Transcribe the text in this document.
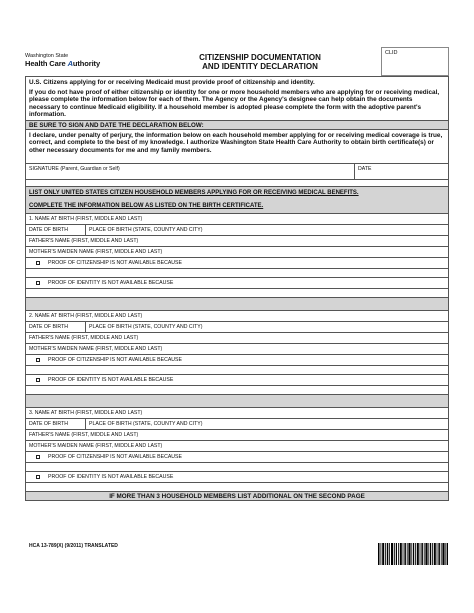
Washington State
Health Care Authority
CITIZENSHIP DOCUMENTATION
AND IDENTITY DECLARATION
CLID

U.S. Citizens applying for or receiving Medicaid must provide proof of citizenship and identity.

If you do not have proof of either citizenship or identity for one or more household members who are applying for or receiving medical, please complete the information below for each of them. The Agency or the Agency's designee can help obtain the documents necessary to continue Medicaid eligibility. If a household member is adopted please complete the form with the adoptive parent's information.

BE SURE TO SIGN AND DATE THE DECLARATION BELOW:
I declare, under penalty of perjury, the information below on each household member applying for or receiving medical coverage is true, correct, and complete to the best of my knowledge. I authorize Washington State Health Care Authority to obtain birth certificate(s) or other necessary documents for me and my family members.
SIGNATURE (Parent, Guardian or Self)	DATE
LIST ONLY UNITED STATES CITIZEN HOUSEHOLD MEMBERS APPLYING FOR OR RECEIVING MEDICAL BENEFITS.
COMPLETE THE INFORMATION BELOW AS LISTED ON THE BIRTH CERTIFICATE.
1. NAME AT BIRTH (FIRST, MIDDLE AND LAST)
DATE OF BIRTH	PLACE OF BIRTH (STATE, COUNTY AND CITY)
FATHER'S NAME (FIRST, MIDDLE AND LAST)
MOTHER'S MAIDEN NAME (FIRST, MIDDLE AND LAST)
PROOF OF CITIZENSHIP IS NOT AVAILABLE BECAUSE
PROOF OF IDENTITY IS NOT AVAILABLE BECAUSE
2. NAME AT BIRTH (FIRST, MIDDLE AND LAST)
DATE OF BIRTH	PLACE OF BIRTH (STATE, COUNTY AND CITY)
FATHER'S NAME (FIRST, MIDDLE AND LAST)
MOTHER'S MAIDEN NAME (FIRST, MIDDLE AND LAST)
PROOF OF CITIZENSHIP IS NOT AVAILABLE BECAUSE
PROOF OF IDENTITY IS NOT AVAILABLE BECAUSE
3. NAME AT BIRTH (FIRST, MIDDLE AND LAST)
DATE OF BIRTH	PLACE OF BIRTH (STATE, COUNTY AND CITY)
FATHER'S NAME (FIRST, MIDDLE AND LAST)
MOTHER'S MAIDEN NAME (FIRST, MIDDLE AND LAST)
PROOF OF CITIZENSHIP IS NOT AVAILABLE BECAUSE
PROOF OF IDENTITY IS NOT AVAILABLE BECAUSE
IF MORE THAN 3 HOUSEHOLD MEMBERS LIST ADDITIONAL ON THE SECOND PAGE
HCA 13-789(X) (9/2011) TRANSLATED
